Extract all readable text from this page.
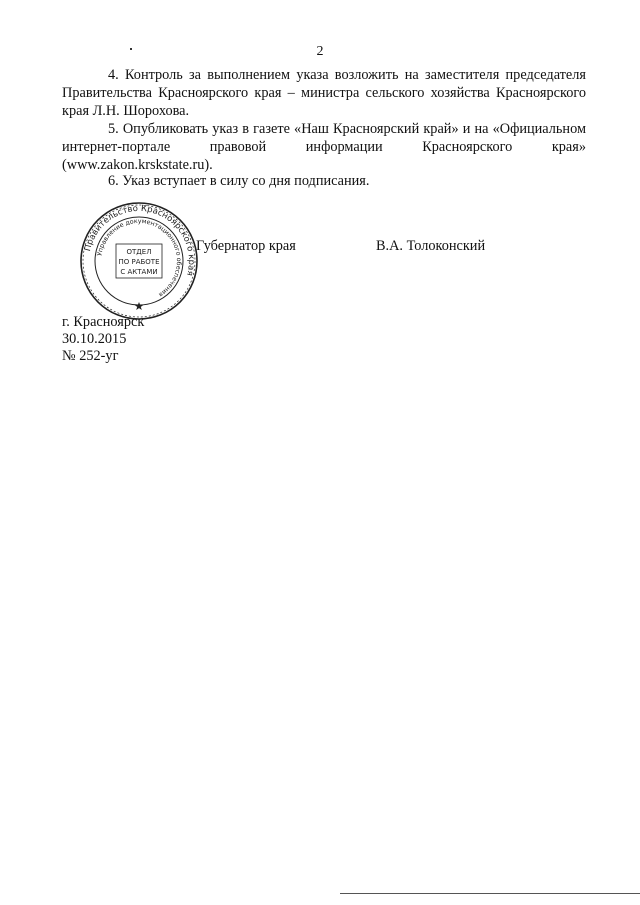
2

4. Контроль за выполнением указа возложить на заместителя председателя Правительства Красноярского края – министра сельского хозяйства Красноярского края Л.Н. Шорохова.

5. Опубликовать указ в газете «Наш Красноярский край» и на «Официальном интернет-портале правовой информации Красноярского края» (www.zakon.krskstate.ru).

6. Указ вступает в силу со дня подписания.

Губернатор края	В.А. Толоконский
Правительство Красноярского края
Управление документационного обеспечения
ОТДЕЛ
ПО РАБОТЕ
С АКТАМИ
г. Красноярск
30.10.2015
№ 252-уг
